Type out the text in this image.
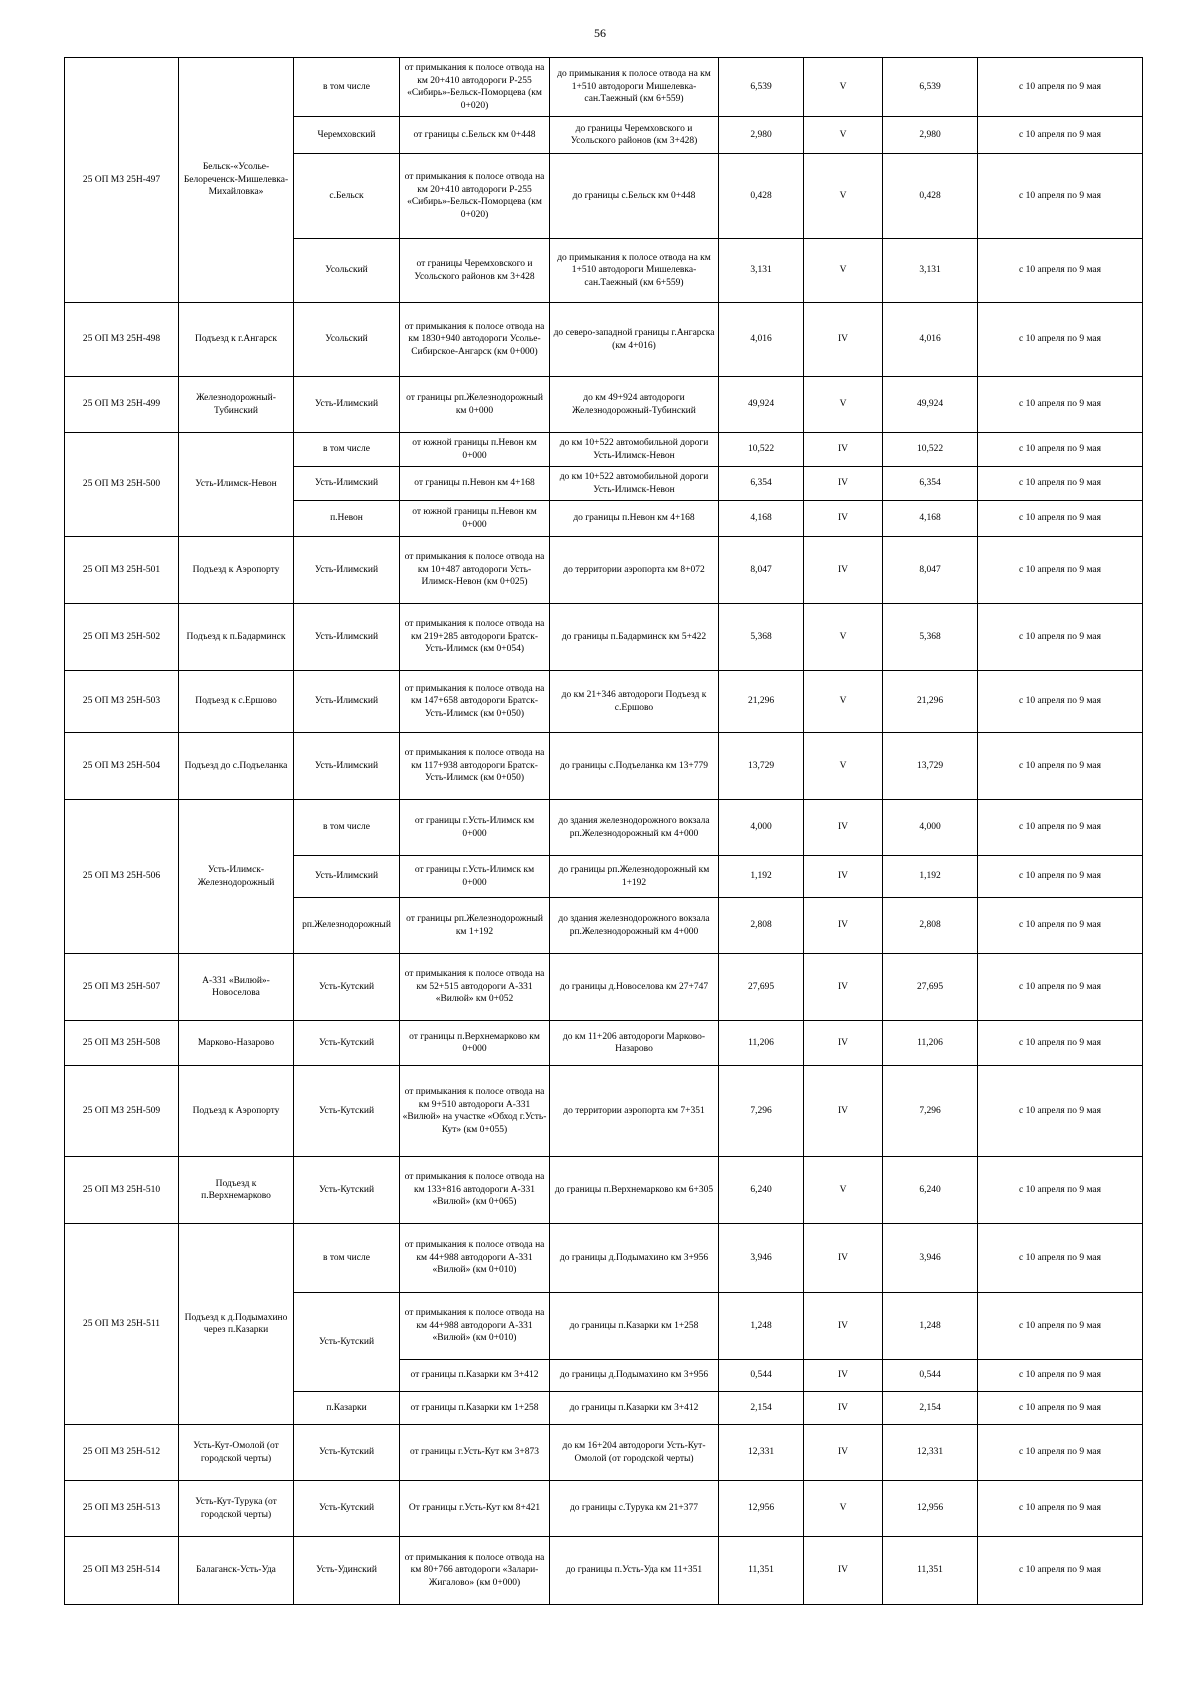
56
25 ОП МЗ 25Н-497	Бельск-«Усолье-Белореченск-Мишелевка-Михайловка»	в том числе	от примыкания к полосе отвода на км 20+410 автодороги Р-255 «Сибирь»-Бельск-Поморцева (км 0+020)	до примыкания к полосе отвода на км 1+510 автодороги Мишелевка-сан.Таежный (км 6+559)	6,539	V	6,539	с 10 апреля по 9 мая
		Черемховский	от границы с.Бельск км 0+448	до границы Черемховского и Усольского районов (км 3+428)	2,980	V	2,980	с 10 апреля по 9 мая
		с.Бельск	от примыкания к полосе отвода на км 20+410 автодороги Р-255 «Сибирь»-Бельск-Поморцева (км 0+020)	до границы с.Бельск км 0+448	0,428	V	0,428	с 10 апреля по 9 мая
		Усольский	от границы Черемховского и Усольского районов км 3+428	до примыкания к полосе отвода на км 1+510 автодороги Мишелевка-сан.Таежный (км 6+559)	3,131	V	3,131	с 10 апреля по 9 мая
25 ОП МЗ 25Н-498	Подъезд к г.Ангарск	Усольский	от примыкания к полосе отвода на км 1830+940 автодороги Усолье-Сибирское-Ангарск (км 0+000)	до северо-западной границы г.Ангарска (км 4+016)	4,016	IV	4,016	с 10 апреля по 9 мая
25 ОП МЗ 25Н-499	Железнодорожный-Тубинский	Усть-Илимский	от границы рп.Железнодорожный км 0+000	до км 49+924 автодороги Железнодорожный-Тубинский	49,924	V	49,924	с 10 апреля по 9 мая
25 ОП МЗ 25Н-500	Усть-Илимск-Невон	в том числе	от южной границы п.Невон км 0+000	до км 10+522 автомобильной дороги Усть-Илимск-Невон	10,522	IV	10,522	с 10 апреля по 9 мая
		Усть-Илимский	от границы п.Невон км 4+168	до км 10+522 автомобильной дороги Усть-Илимск-Невон	6,354	IV	6,354	с 10 апреля по 9 мая
		п.Невон	от южной границы п.Невон км 0+000	до границы п.Невон км 4+168	4,168	IV	4,168	с 10 апреля по 9 мая
25 ОП МЗ 25Н-501	Подъезд к Аэропорту	Усть-Илимский	от примыкания к полосе отвода на км 10+487 автодороги Усть-Илимск-Невон (км 0+025)	до территории аэропорта км 8+072	8,047	IV	8,047	с 10 апреля по 9 мая
25 ОП МЗ 25Н-502	Подъезд к п.Бадарминск	Усть-Илимский	от примыкания к полосе отвода на км 219+285 автодороги Братск-Усть-Илимск (км 0+054)	до границы п.Бадарминск км 5+422	5,368	V	5,368	с 10 апреля по 9 мая
25 ОП МЗ 25Н-503	Подъезд к с.Ершово	Усть-Илимский	от примыкания к полосе отвода на км 147+658 автодороги Братск-Усть-Илимск (км 0+050)	до км 21+346 автодороги Подъезд к с.Ершово	21,296	V	21,296	с 10 апреля по 9 мая
25 ОП МЗ 25Н-504	Подъезд до с.Подъеланка	Усть-Илимский	от примыкания к полосе отвода на км 117+938 автодороги Братск-Усть-Илимск (км 0+050)	до границы с.Подъеланка км 13+779	13,729	V	13,729	с 10 апреля по 9 мая
25 ОП МЗ 25Н-506	Усть-Илимск-Железнодорожный	в том числе	от границы г.Усть-Илимск км 0+000	до здания железнодорожного вокзала рп.Железнодорожный км 4+000	4,000	IV	4,000	с 10 апреля по 9 мая
		Усть-Илимский	от границы г.Усть-Илимск км 0+000	до границы рп.Железнодорожный км 1+192	1,192	IV	1,192	с 10 апреля по 9 мая
		рп.Железнодорожный	от границы рп.Железнодорожный км 1+192	до здания железнодорожного вокзала рп.Железнодорожный км 4+000	2,808	IV	2,808	с 10 апреля по 9 мая
25 ОП МЗ 25Н-507	А-331 «Вилюй»-Новоселова	Усть-Кутский	от примыкания к полосе отвода на км 52+515 автодороги А-331 «Вилюй» км 0+052	до границы д.Новоселова км 27+747	27,695	IV	27,695	с 10 апреля по 9 мая
25 ОП МЗ 25Н-508	Марково-Назарово	Усть-Кутский	от границы п.Верхнемарково км 0+000	до км 11+206 автодороги Марково-Назарово	11,206	IV	11,206	с 10 апреля по 9 мая
25 ОП МЗ 25Н-509	Подъезд к Аэропорту	Усть-Кутский	от примыкания к полосе отвода на км 9+510 автодороги А-331 «Вилюй» на участке «Обход г.Усть-Кут» (км 0+055)	до территории аэропорта км 7+351	7,296	IV	7,296	с 10 апреля по 9 мая
25 ОП МЗ 25Н-510	Подъезд к п.Верхнемарково	Усть-Кутский	от примыкания к полосе отвода на км 133+816 автодороги А-331 «Вилюй» (км 0+065)	до границы п.Верхнемарково км 6+305	6,240	V	6,240	с 10 апреля по 9 мая
25 ОП МЗ 25Н-511	Подъезд к д.Подымахино через п.Казарки	в том числе	от примыкания к полосе отвода на км 44+988 автодороги А-331 «Вилюй» (км 0+010)	до границы д.Подымахино км 3+956	3,946	IV	3,946	с 10 апреля по 9 мая
		Усть-Кутский	от примыкания к полосе отвода на км 44+988 автодороги А-331 «Вилюй» (км 0+010)	до границы п.Казарки км 1+258	1,248	IV	1,248	с 10 апреля по 9 мая
			от границы п.Казарки км 3+412	до границы д.Подымахино км 3+956	0,544	IV	0,544	с 10 апреля по 9 мая
		п.Казарки	от границы п.Казарки км 1+258	до границы п.Казарки км 3+412	2,154	IV	2,154	с 10 апреля по 9 мая
25 ОП МЗ 25Н-512	Усть-Кут-Омолой (от городской черты)	Усть-Кутский	от границы г.Усть-Кут км 3+873	до км 16+204 автодороги Усть-Кут-Омолой (от городской черты)	12,331	IV	12,331	с 10 апреля по 9 мая
25 ОП МЗ 25Н-513	Усть-Кут-Турука (от городской черты)	Усть-Кутский	От границы г.Усть-Кут км 8+421	до границы с.Турука км 21+377	12,956	V	12,956	с 10 апреля по 9 мая
25 ОП МЗ 25Н-514	Балаганск-Усть-Уда	Усть-Удинский	от примыкания к полосе отвода на км 80+766 автодороги «Залари-Жигалово» (км 0+000)	до границы п.Усть-Уда км 11+351	11,351	IV	11,351	с 10 апреля по 9 мая
